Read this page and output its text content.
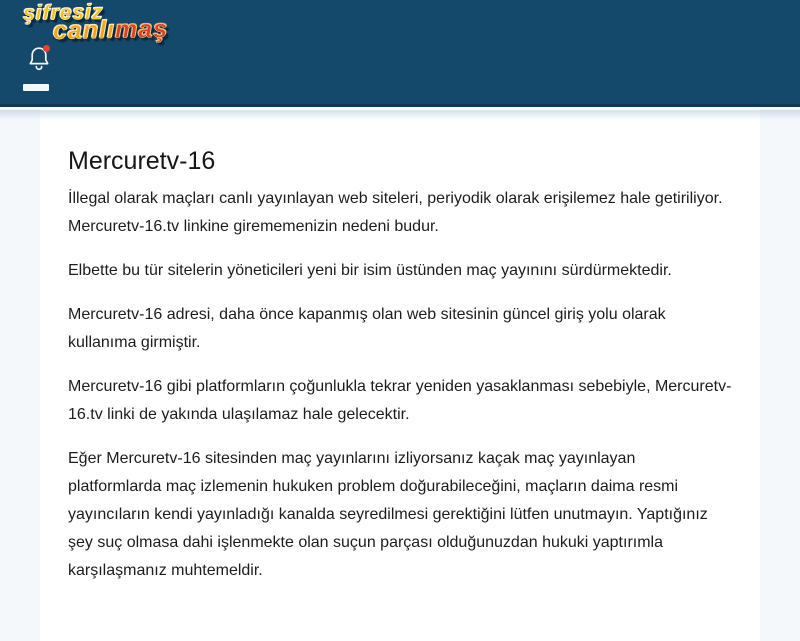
şifresiz
canlımaş
Mercuretv-16

İllegal olarak maçları canlı yayınlayan web siteleri, periyodik olarak erişilemez hale getiriliyor. Mercuretv-16.tv linkine girememenizin nedeni budur.

Elbette bu tür sitelerin yöneticileri yeni bir isim üstünden maç yayınını sürdürmektedir.

Mercuretv-16 adresi, daha önce kapanmış olan web sitesinin güncel giriş yolu olarak kullanıma girmiştir.

Mercuretv-16 gibi platformların çoğunlukla tekrar yeniden yasaklanması sebebiyle, Mercuretv-16.tv linki de yakında ulaşılamaz hale gelecektir.

Eğer Mercuretv-16 sitesinden maç yayınlarını izliyorsanız kaçak maç yayınlayan platformlarda maç izlemenin hukuken problem doğurabileceğini, maçların daima resmi yayıncıların kendi yayınladığı kanalda seyredilmesi gerektiğini lütfen unutmayın. Yaptığınız şey suç olmasa dahi işlenmekte olan suçun parçası olduğunuzdan hukuki yaptırımla karşılaşmanız muhtemeldir.
